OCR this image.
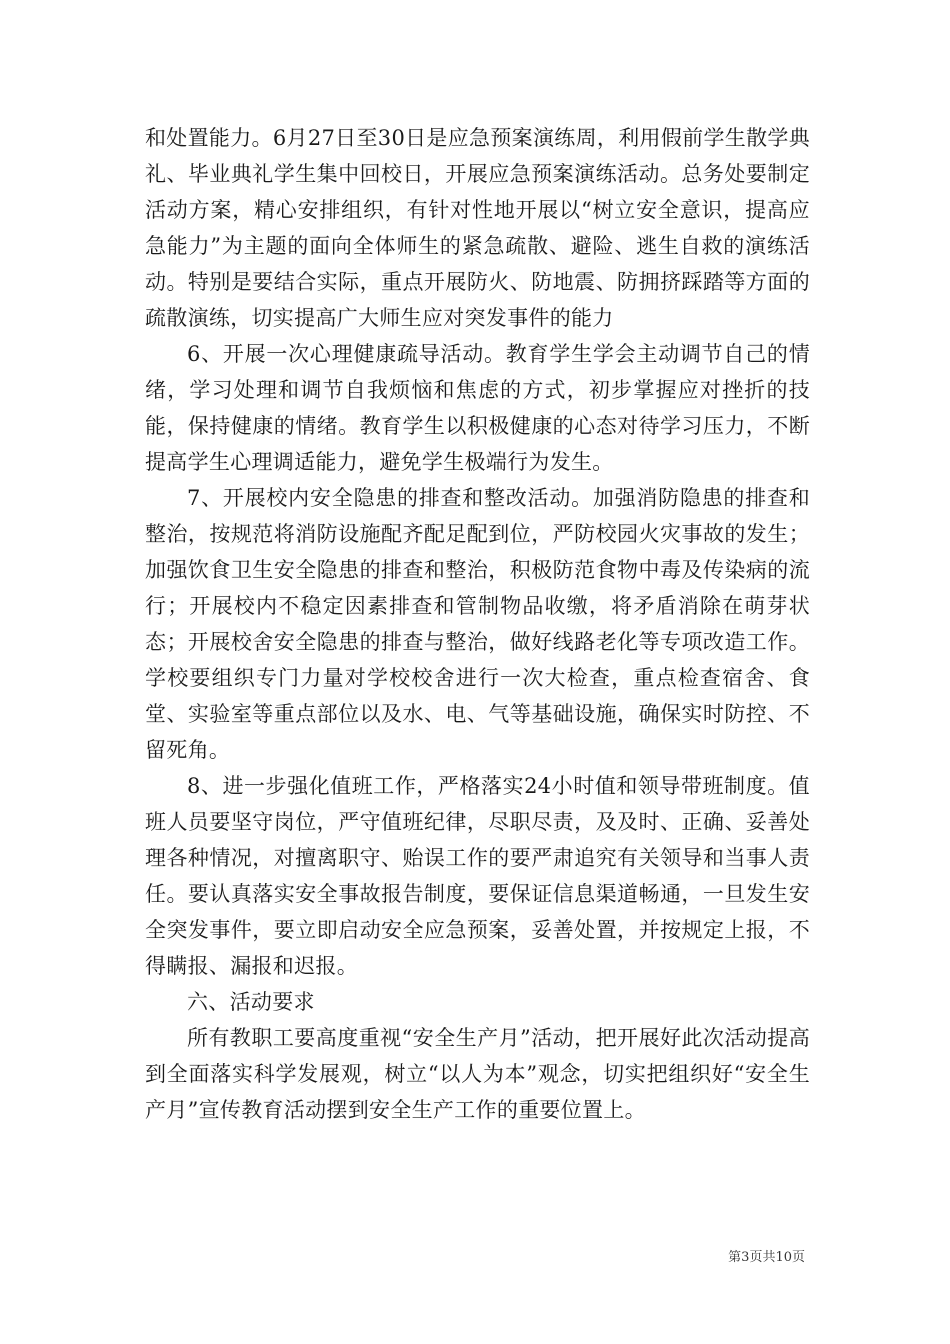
和处置能力。6月27日至30日是应急预案演练周，利用假前学生散学典礼、毕业典礼学生集中回校日，开展应急预案演练活动。总务处要制定活动方案，精心安排组织，有针对性地开展以“树立安全意识，提高应急能力”为主题的面向全体师生的紧急疏散、避险、逃生自救的演练活动。特别是要结合实际，重点开展防火、防地震、防拥挤踩踏等方面的疏散演练，切实提高广大师生应对突发事件的能力

6、开展一次心理健康疏导活动。教育学生学会主动调节自己的情绪，学习处理和调节自我烦恼和焦虑的方式，初步掌握应对挫折的技能，保持健康的情绪。教育学生以积极健康的心态对待学习压力，不断提高学生心理调适能力，避免学生极端行为发生。

7、开展校内安全隐患的排查和整改活动。加强消防隐患的排查和整治，按规范将消防设施配齐配足配到位，严防校园火灾事故的发生；加强饮食卫生安全隐患的排查和整治，积极防范食物中毒及传染病的流行；开展校内不稳定因素排查和管制物品收缴，将矛盾消除在萌芽状态；开展校舍安全隐患的排查与整治，做好线路老化等专项改造工作。学校要组织专门力量对学校校舍进行一次大检查，重点检查宿舍、食堂、实验室等重点部位以及水、电、气等基础设施，确保实时防控、不留死角。

8、进一步强化值班工作，严格落实24小时值和领导带班制度。值班人员要坚守岗位，严守值班纪律，尽职尽责，及及时、正确、妥善处理各种情况，对擅离职守、贻误工作的要严肃追究有关领导和当事人责任。要认真落实安全事故报告制度，要保证信息渠道畅通，一旦发生安全突发事件，要立即启动安全应急预案，妥善处置，并按规定上报，不得瞒报、漏报和迟报。

六、活动要求

所有教职工要高度重视“安全生产月”活动，把开展好此次活动提高到全面落实科学发展观，树立“以人为本”观念，切实把组织好“安全生产月”宣传教育活动摆到安全生产工作的重要位置上。

第3页共10页
